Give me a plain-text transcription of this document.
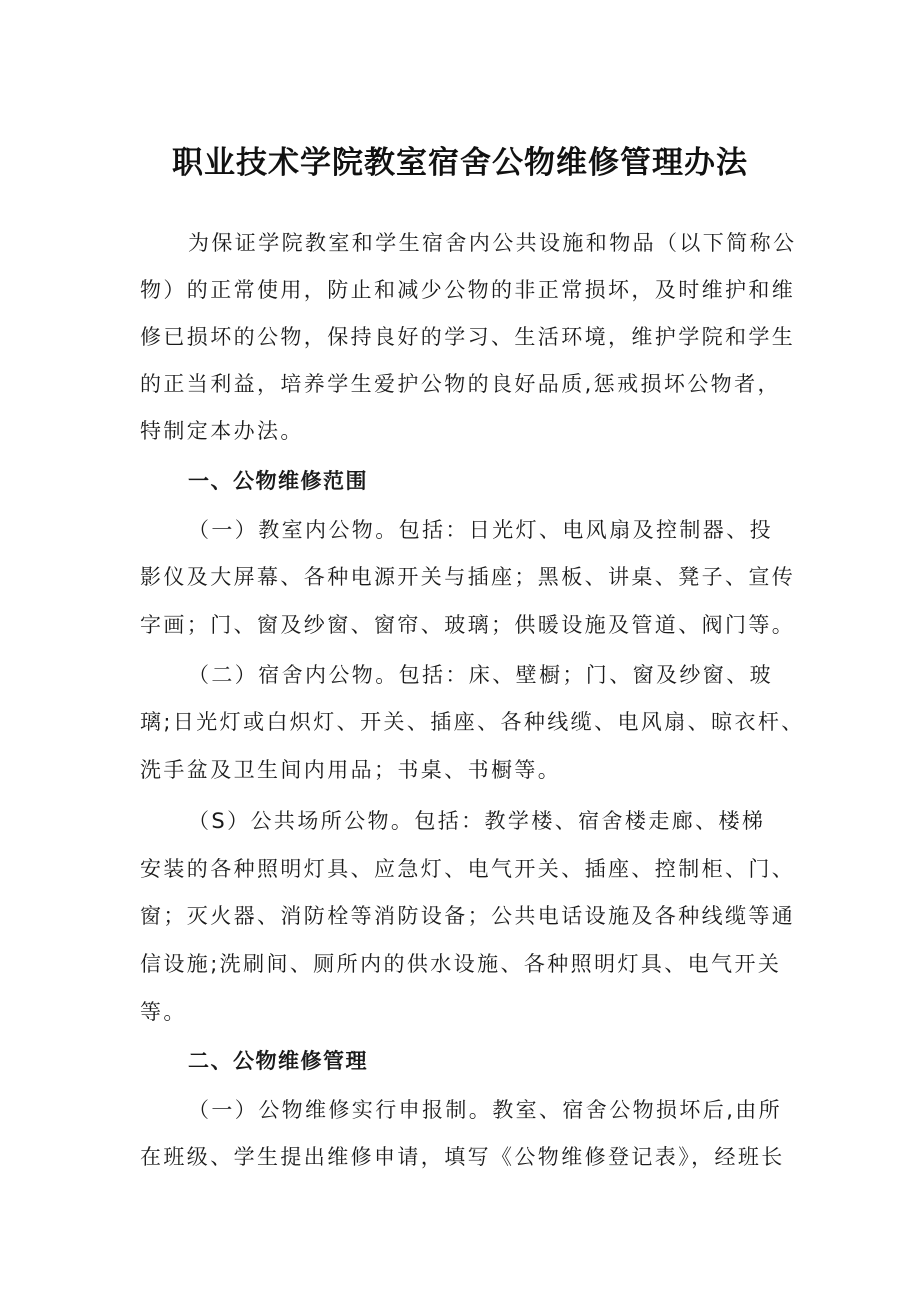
职业技术学院教室宿舍公物维修管理办法

为保证学院教室和学生宿舍内公共设施和物品（以下简称公

物）的正常使用，防止和减少公物的非正常损坏，及时维护和维

修已损坏的公物，保持良好的学习、生活环境，维护学院和学生

的正当利益，培养学生爱护公物的良好品质,惩戒损坏公物者，

特制定本办法。

一、公物维修范围

（一）教室内公物。包括：日光灯、电风扇及控制器、投

影仪及大屏幕、各种电源开关与插座；黑板、讲桌、凳子、宣传

字画；门、窗及纱窗、窗帘、玻璃；供暖设施及管道、阀门等。

（二）宿舍内公物。包括：床、壁橱；门、窗及纱窗、玻

璃;日光灯或白炽灯、开关、插座、各种线缆、电风扇、晾衣杆、

洗手盆及卫生间内用品；书桌、书橱等。

（S）公共场所公物。包括：教学楼、宿舍楼走廊、楼梯

安装的各种照明灯具、应急灯、电气开关、插座、控制柜、门、

窗；灭火器、消防栓等消防设备；公共电话设施及各种线缆等通

信设施;洗刷间、厕所内的供水设施、各种照明灯具、电气开关

等。

二、公物维修管理

（一）公物维修实行申报制。教室、宿舍公物损坏后,由所

在班级、学生提出维修申请，填写《公物维修登记表》，经班长
